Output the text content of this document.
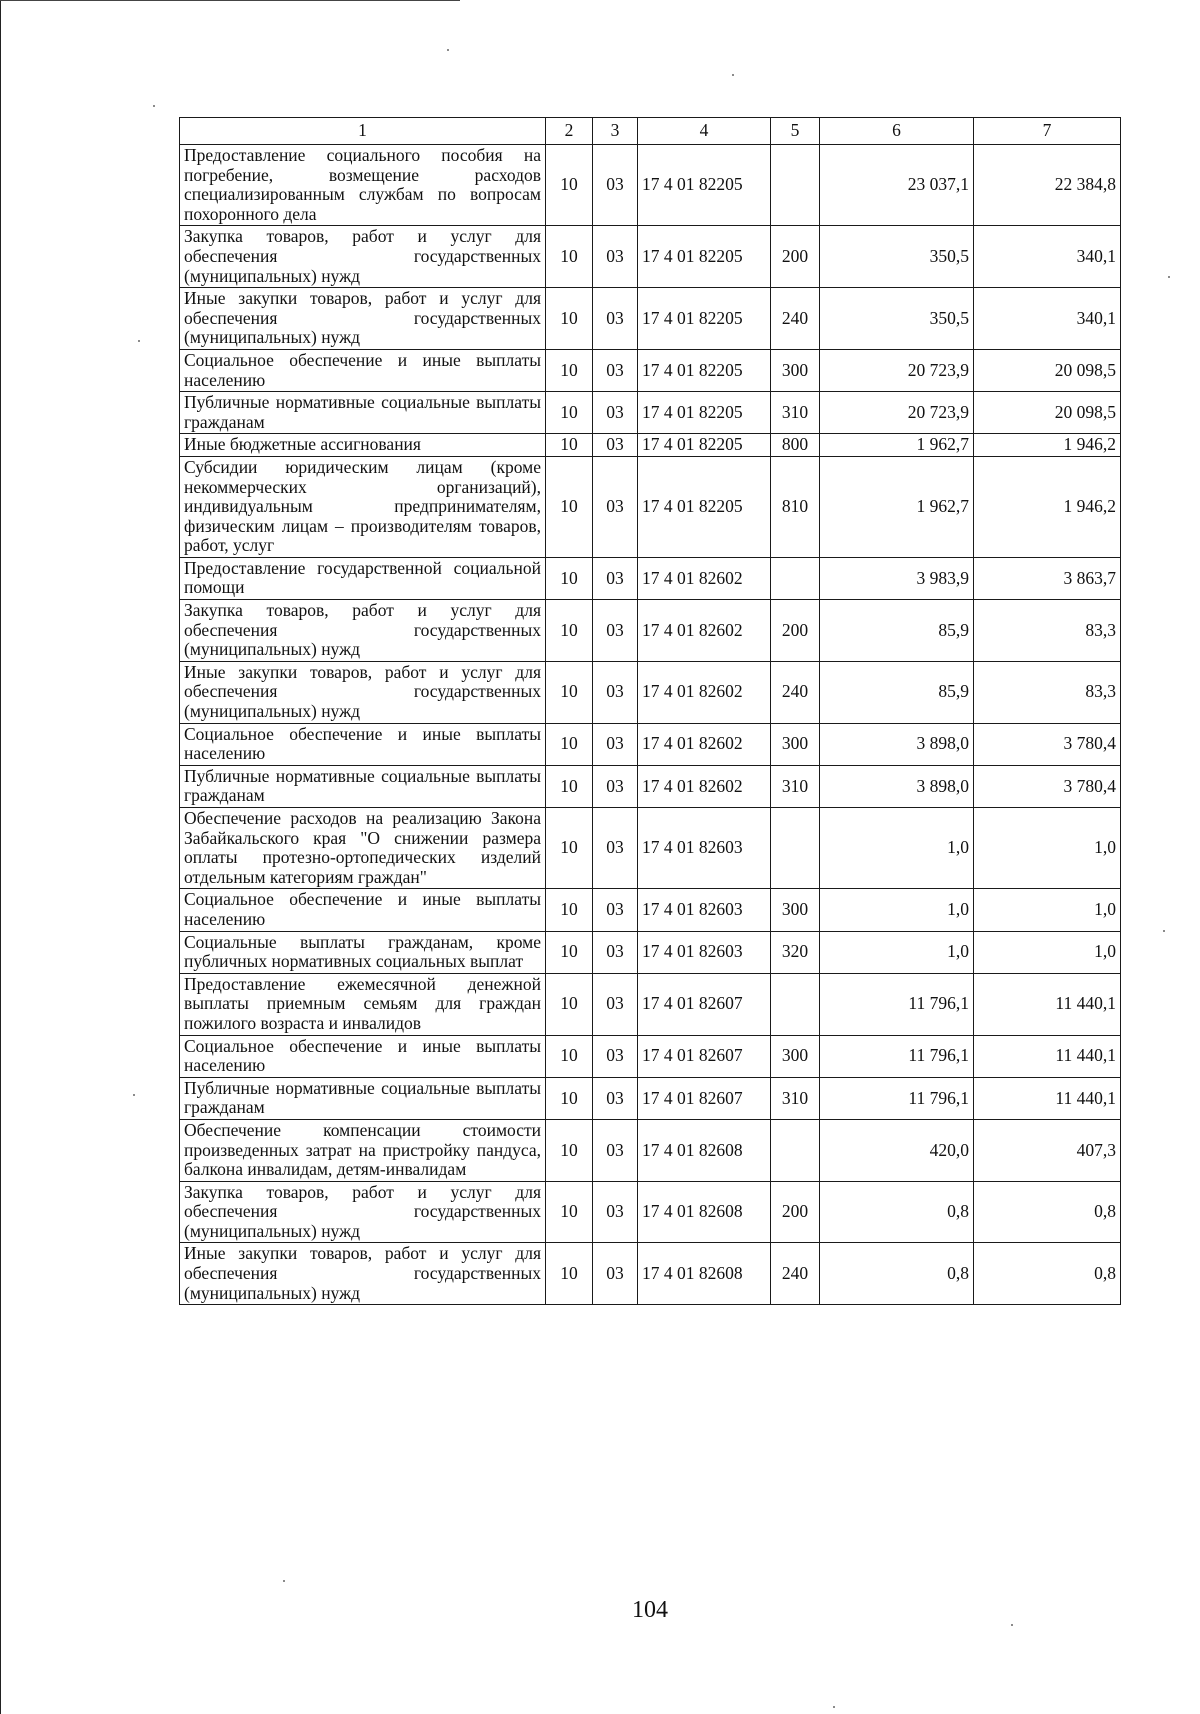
1	2	3	4	5	6	7
Предоставление социального пособия на погребение, возмещение расходов специализированным службам по вопросам похоронного дела	10	03	17 4 01 82205		23 037,1	22 384,8
Закупка товаров, работ и услуг для обеспечения государственных (муниципальных) нужд	10	03	17 4 01 82205	200	350,5	340,1
Иные закупки товаров, работ и услуг для обеспечения государственных (муниципальных) нужд	10	03	17 4 01 82205	240	350,5	340,1
Социальное обеспечение и иные выплаты населению	10	03	17 4 01 82205	300	20 723,9	20 098,5
Публичные нормативные социальные выплаты гражданам	10	03	17 4 01 82205	310	20 723,9	20 098,5
Иные бюджетные ассигнования	10	03	17 4 01 82205	800	1 962,7	1 946,2
Субсидии юридическим лицам (кроме некоммерческих организаций), индивидуальным предпринимателям, физическим лицам – производителям товаров, работ, услуг	10	03	17 4 01 82205	810	1 962,7	1 946,2
Предоставление государственной социальной помощи	10	03	17 4 01 82602		3 983,9	3 863,7
Закупка товаров, работ и услуг для обеспечения государственных (муниципальных) нужд	10	03	17 4 01 82602	200	85,9	83,3
Иные закупки товаров, работ и услуг для обеспечения государственных (муниципальных) нужд	10	03	17 4 01 82602	240	85,9	83,3
Социальное обеспечение и иные выплаты населению	10	03	17 4 01 82602	300	3 898,0	3 780,4
Публичные нормативные социальные выплаты гражданам	10	03	17 4 01 82602	310	3 898,0	3 780,4
Обеспечение расходов на реализацию Закона Забайкальского края "О снижении размера оплаты протезно-ортопедических изделий отдельным категориям граждан"	10	03	17 4 01 82603		1,0	1,0
Социальное обеспечение и иные выплаты населению	10	03	17 4 01 82603	300	1,0	1,0
Социальные выплаты гражданам, кроме публичных нормативных социальных выплат	10	03	17 4 01 82603	320	1,0	1,0
Предоставление ежемесячной денежной выплаты приемным семьям для граждан пожилого возраста и инвалидов	10	03	17 4 01 82607		11 796,1	11 440,1
Социальное обеспечение и иные выплаты населению	10	03	17 4 01 82607	300	11 796,1	11 440,1
Публичные нормативные социальные выплаты гражданам	10	03	17 4 01 82607	310	11 796,1	11 440,1
Обеспечение компенсации стоимости произведенных затрат на пристройку пандуса, балкона инвалидам, детям-инвалидам	10	03	17 4 01 82608		420,0	407,3
Закупка товаров, работ и услуг для обеспечения государственных (муниципальных) нужд	10	03	17 4 01 82608	200	0,8	0,8
Иные закупки товаров, работ и услуг для обеспечения государственных (муниципальных) нужд	10	03	17 4 01 82608	240	0,8	0,8
104
